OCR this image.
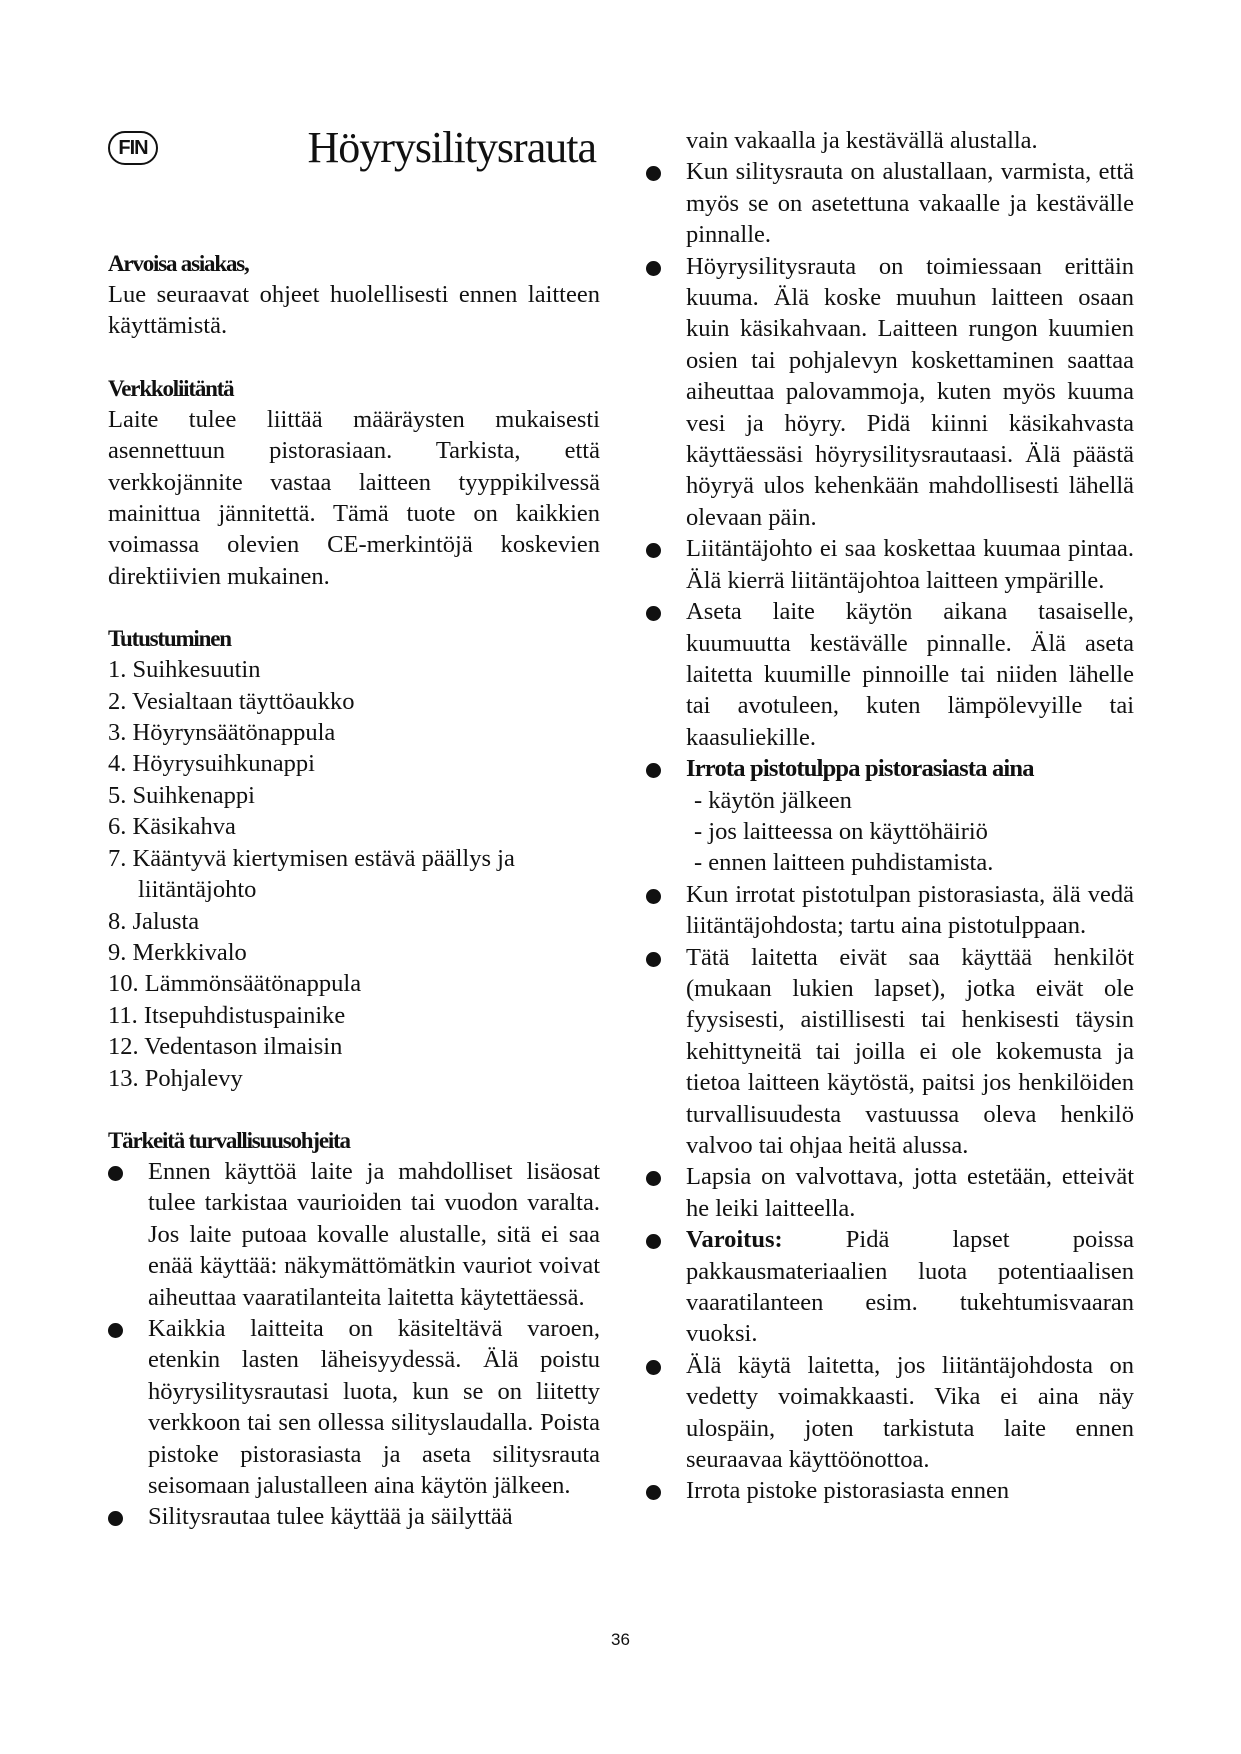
FIN	Höyrysilitysrauta
Arvoisa asiakas,

Lue seuraavat ohjeet huolellisesti ennen laitteen käyttämistä.

Verkkoliitäntä

Laite tulee liittää määräysten mukaisesti asennettuun pistorasiaan. Tarkista, että verkkojännite vastaa laitteen tyyppikilvessä mainittua jännitettä. Tämä tuote on kaikkien voimassa olevien CE-merkintöjä koskevien direktiivien mukainen.

Tutustuminen
1. Suihkesuutin
2. Vesialtaan täyttöaukko
3. Höyrynsäätönappula
4. Höyrysuihkunappi
5. Suihkenappi
6. Käsikahva
7. Kääntyvä kiertymisen estävä päällys ja liitäntäjohto
8. Jalusta
9. Merkkivalo
10. Lämmönsäätönappula
11. Itsepuhdistuspainike
12. Vedentason ilmaisin
13. Pohjalevy
Tärkeitä turvallisuusohjeita
Ennen käyttöä laite ja mahdolliset lisäosat tulee tarkistaa vaurioiden tai vuodon varalta. Jos laite putoaa kovalle alustalle, sitä ei saa enää käyttää: näkymättömätkin vauriot voivat aiheuttaa vaaratilanteita laitetta käytettäessä.
Kaikkia laitteita on käsiteltävä varoen, etenkin lasten läheisyydessä. Älä poistu höyrysilitysrautasi luota, kun se on liitetty verkkoon tai sen ollessa silityslaudalla. Poista pistoke pistorasiasta ja aseta silitysrauta seisomaan jalustalleen aina käytön jälkeen.
Silitysrautaa tulee käyttää ja säilyttää
vain vakaalla ja kestävällä alustalla.
Kun silitysrauta on alustallaan, varmista, että myös se on asetettuna vakaalle ja kestävälle pinnalle.
Höyrysilitysrauta on toimiessaan erittäin kuuma. Älä koske muuhun laitteen osaan kuin käsikahvaan. Laitteen rungon kuumien osien tai pohjalevyn koskettaminen saattaa aiheuttaa palovammoja, kuten myös kuuma vesi ja höyry. Pidä kiinni käsikahvasta käyttäessäsi höyrysilitysrautaasi. Älä päästä höyryä ulos kehenkään mahdollisesti lähellä olevaan päin.
Liitäntäjohto ei saa koskettaa kuumaa pintaa. Älä kierrä liitäntäjohtoa laitteen ympärille.
Aseta laite käytön aikana tasaiselle, kuumuutta kestävälle pinnalle. Älä aseta laitetta kuumille pinnoille tai niiden lähelle tai avotuleen, kuten lämpölevyille tai kaasuliekille.
Irrota pistotulppa pistorasiasta aina
- käytön jälkeen
- jos laitteessa on käyttöhäiriö
- ennen laitteen puhdistamista.
Kun irrotat pistotulpan pistorasiasta, älä vedä liitäntäjohdosta; tartu aina pistotulppaan.
Tätä laitetta eivät saa käyttää henkilöt (mukaan lukien lapset), jotka eivät ole fyysisesti, aistillisesti tai henkisesti täysin kehittyneitä tai joilla ei ole kokemusta ja tietoa laitteen käytöstä, paitsi jos henkilöiden turvallisuudesta vastuussa oleva henkilö valvoo tai ohjaa heitä alussa.
Lapsia on valvottava, jotta estetään, etteivät he leiki laitteella.
Varoitus: Pidä lapset poissa pakkausmateriaalien luota potentiaalisen vaaratilanteen esim. tukehtumisvaaran vuoksi.
Älä käytä laitetta, jos liitäntäjohdosta on vedetty voimakkaasti. Vika ei aina näy ulospäin, joten tarkistuta laite ennen seuraavaa käyttöönottoa.
Irrota pistoke pistorasiasta ennen
36
